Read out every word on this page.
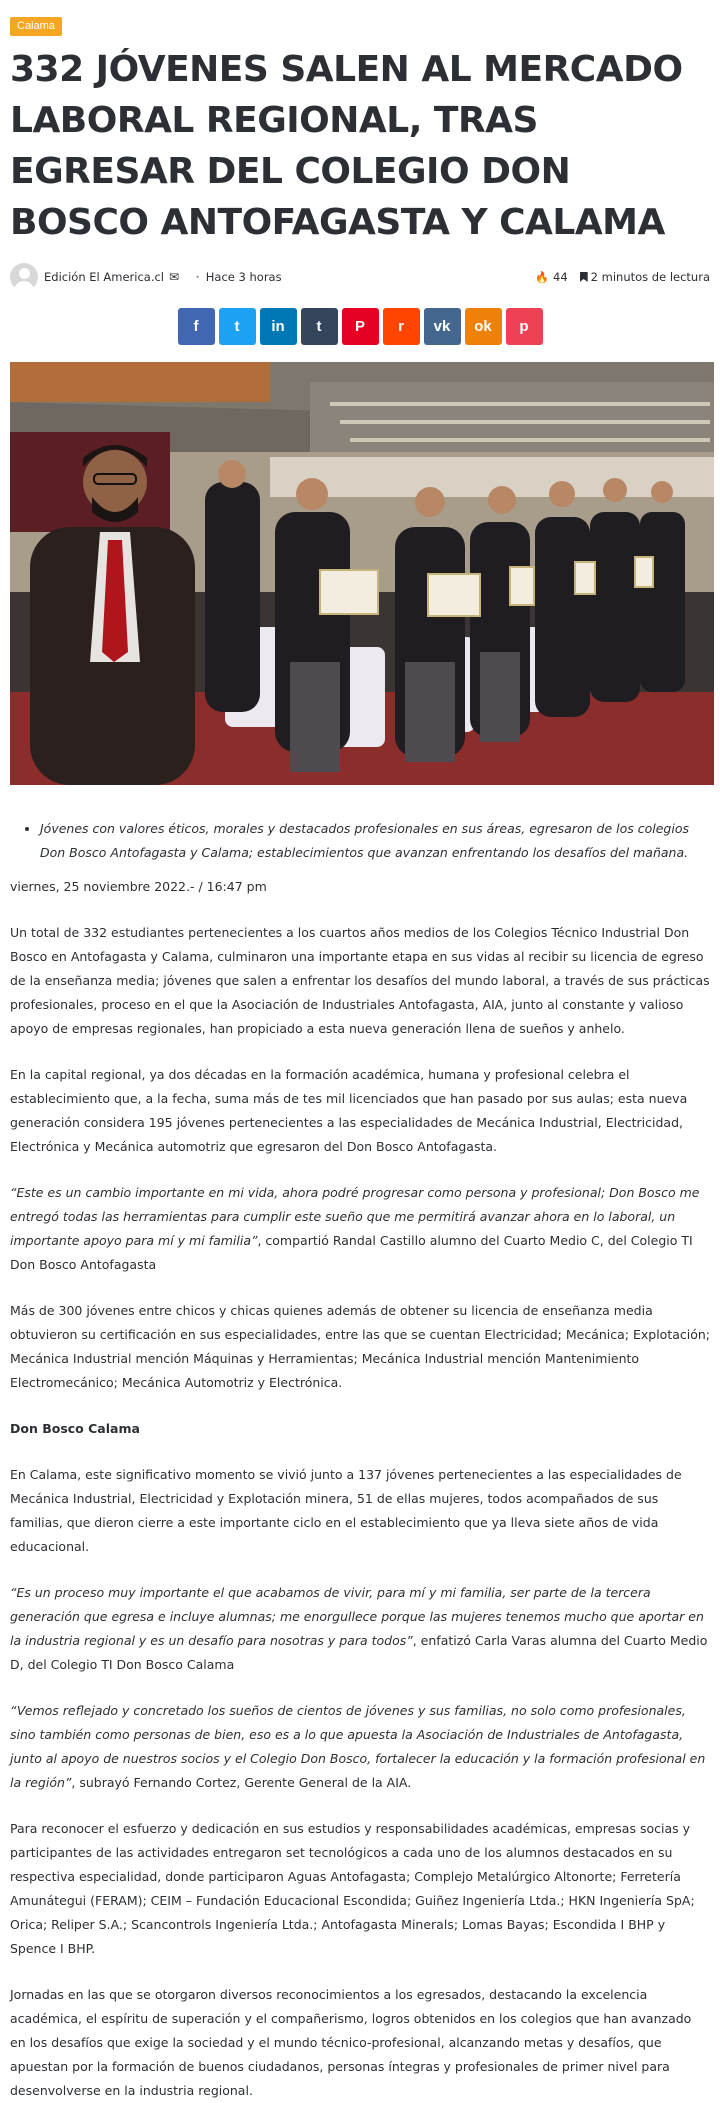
Calama
332 JÓVENES SALEN AL MERCADO LABORAL REGIONAL, TRAS EGRESAR DEL COLEGIO DON BOSCO ANTOFAGASTA Y CALAMA
Edición El America.cl ✉ • Hace 3 horas	🔥 44 2 minutos de lectura
f t in t P r vk ok p
• Jóvenes con valores éticos, morales y destacados profesionales en sus áreas, egresaron de los colegios Don Bosco Antofagasta y Calama; establecimientos que avanzan enfrentando los desafíos del mañana.

viernes, 25 noviembre 2022.- / 16:47 pm

Un total de 332 estudiantes pertenecientes a los cuartos años medios de los Colegios Técnico Industrial Don Bosco en Antofagasta y Calama, culminaron una importante etapa en sus vidas al recibir su licencia de egreso de la enseñanza media; jóvenes que salen a enfrentar los desafíos del mundo laboral, a través de sus prácticas profesionales, proceso en el que la Asociación de Industriales Antofagasta, AIA, junto al constante y valioso apoyo de empresas regionales, han propiciado a esta nueva generación llena de sueños y anhelo.

En la capital regional, ya dos décadas en la formación académica, humana y profesional celebra el establecimiento que, a la fecha, suma más de tes mil licenciados que han pasado por sus aulas; esta nueva generación considera 195 jóvenes pertenecientes a las especialidades de Mecánica Industrial, Electricidad, Electrónica y Mecánica automotriz que egresaron del Don Bosco Antofagasta.

“Este es un cambio importante en mi vida, ahora podré progresar como persona y profesional; Don Bosco me entregó todas las herramientas para cumplir este sueño que me permitirá avanzar ahora en lo laboral, un importante apoyo para mí y mi familia”, compartió Randal Castillo alumno del Cuarto Medio C, del Colegio TI Don Bosco Antofagasta

Más de 300 jóvenes entre chicos y chicas quienes además de obtener su licencia de enseñanza media obtuvieron su certificación en sus especialidades, entre las que se cuentan Electricidad; Mecánica; Explotación; Mecánica Industrial mención Máquinas y Herramientas; Mecánica Industrial mención Mantenimiento Electromecánico; Mecánica Automotriz y Electrónica.

Don Bosco Calama

En Calama, este significativo momento se vivió junto a 137 jóvenes pertenecientes a las especialidades de Mecánica Industrial, Electricidad y Explotación minera, 51 de ellas mujeres, todos acompañados de sus familias, que dieron cierre a este importante ciclo en el establecimiento que ya lleva siete años de vida educacional.

“Es un proceso muy importante el que acabamos de vivir, para mí y mi familia, ser parte de la tercera generación que egresa e incluye alumnas; me enorgullece porque las mujeres tenemos mucho que aportar en la industria regional y es un desafío para nosotras y para todos”, enfatizó Carla Varas alumna del Cuarto Medio D, del Colegio TI Don Bosco Calama

“Vemos reflejado y concretado los sueños de cientos de jóvenes y sus familias, no solo como profesionales, sino también como personas de bien, eso es a lo que apuesta la Asociación de Industriales de Antofagasta, junto al apoyo de nuestros socios y el Colegio Don Bosco, fortalecer la educación y la formación profesional en la región”, subrayó Fernando Cortez, Gerente General de la AIA.

Para reconocer el esfuerzo y dedicación en sus estudios y responsabilidades académicas, empresas socias y participantes de las actividades entregaron set tecnológicos a cada uno de los alumnos destacados en su respectiva especialidad, donde participaron Aguas Antofagasta; Complejo Metalúrgico Altonorte; Ferretería Amunátegui (FERAM); CEIM – Fundación Educacional Escondida; Guiñez Ingeniería Ltda.; HKN Ingeniería SpA; Orica; Reliper S.A.; Scancontrols Ingeniería Ltda.; Antofagasta Minerals; Lomas Bayas; Escondida I BHP y Spence I BHP.

Jornadas en las que se otorgaron diversos reconocimientos a los egresados, destacando la excelencia académica, el espíritu de superación y el compañerismo, logros obtenidos en los colegios que han avanzado en los desafíos que exige la sociedad y el mundo técnico-profesional, alcanzando metas y desafíos, que apuestan por la formación de buenos ciudadanos, personas íntegras y profesionales de primer nivel para desenvolverse en la industria regional.
